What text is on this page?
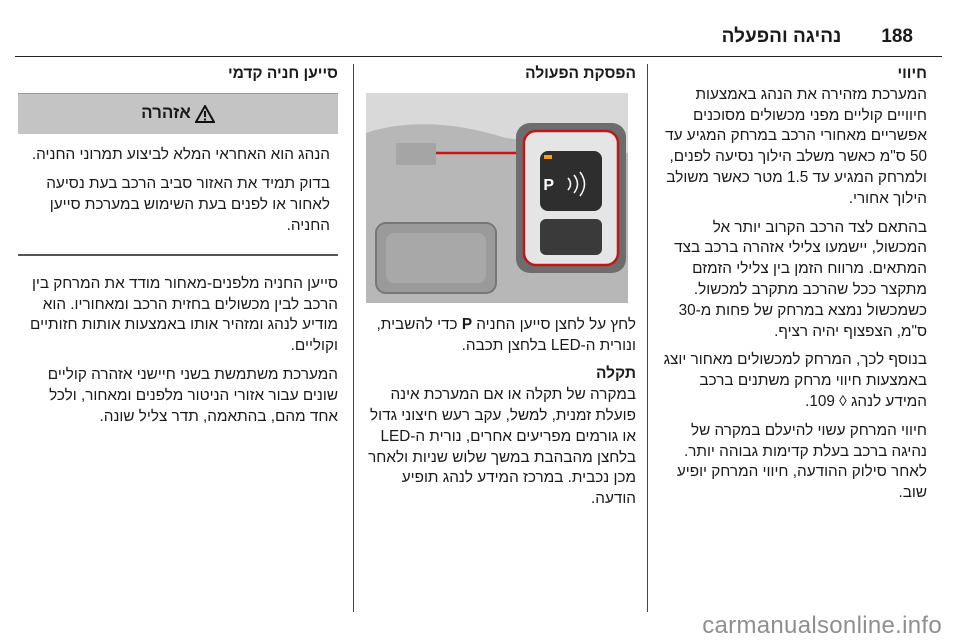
נהיגה והפעלה 188
חיווי

המערכת מזהירה את הנהג באמצעות חיוויים קוליים מפני מכשולים מסוכנים אפשריים מאחורי הרכב במרחק המגיע עד 50 ס"מ כאשר משלב הילוך נסיעה לפנים, ולמרחק המגיע עד 1.5 מטר כאשר משולב הילוך אחורי.

בהתאם לצד הרכב הקרוב יותר אל המכשול, יישמעו צלילי אזהרה ברכב בצד המתאים. מרווח הזמן בין צלילי הזמזם מתקצר ככל שהרכב מתקרב למכשול. כשמכשול נמצא במרחק של פחות מ-30 ס"מ, הצפצוף יהיה רציף.

בנוסף לכך, המרחק למכשולים מאחור יוצג באמצעות חיווי מרחק משתנים ברכב המידע לנהג ◊ 109.

חיווי המרחק עשוי להיעלם במקרה של נהיגה ברכב בעלת קדימות גבוהה יותר. לאחר סילוק ההודעה, חיווי המרחק יופיע שוב.

הפסקת הפעולה
P

לחץ על לחצן סייען החניה P כדי להשבית, ונורית ה-LED בלחצן תכבה.

תקלה

במקרה של תקלה או אם המערכת אינה פועלת זמנית, למשל, עקב רעש חיצוני גדול או גורמים מפריעים אחרים, נורית ה-LED בלחצן מהבהבת במשך שלוש שניות ולאחר מכן נכבית. במרכז המידע לנהג תופיע הודעה.

סייען חניה קדמי
אזהרה

הנהג הוא האחראי המלא לביצוע תמרוני החניה.

בדוק תמיד את האזור סביב הרכב בעת נסיעה לאחור או לפנים בעת השימוש במערכת סייען החניה.

סייען החניה מלפנים-מאחור מודד את המרחק בין הרכב לבין מכשולים בחזית הרכב ומאחוריו. הוא מודיע לנהג ומזהיר אותו באמצעות אותות חזותיים וקוליים.

המערכת משתמשת בשני חיישני אזהרה קוליים שונים עבור אזורי הניטור מלפנים ומאחור, ולכל אחד מהם, בהתאמה, תדר צליל שונה.

carmanualsonline.info
